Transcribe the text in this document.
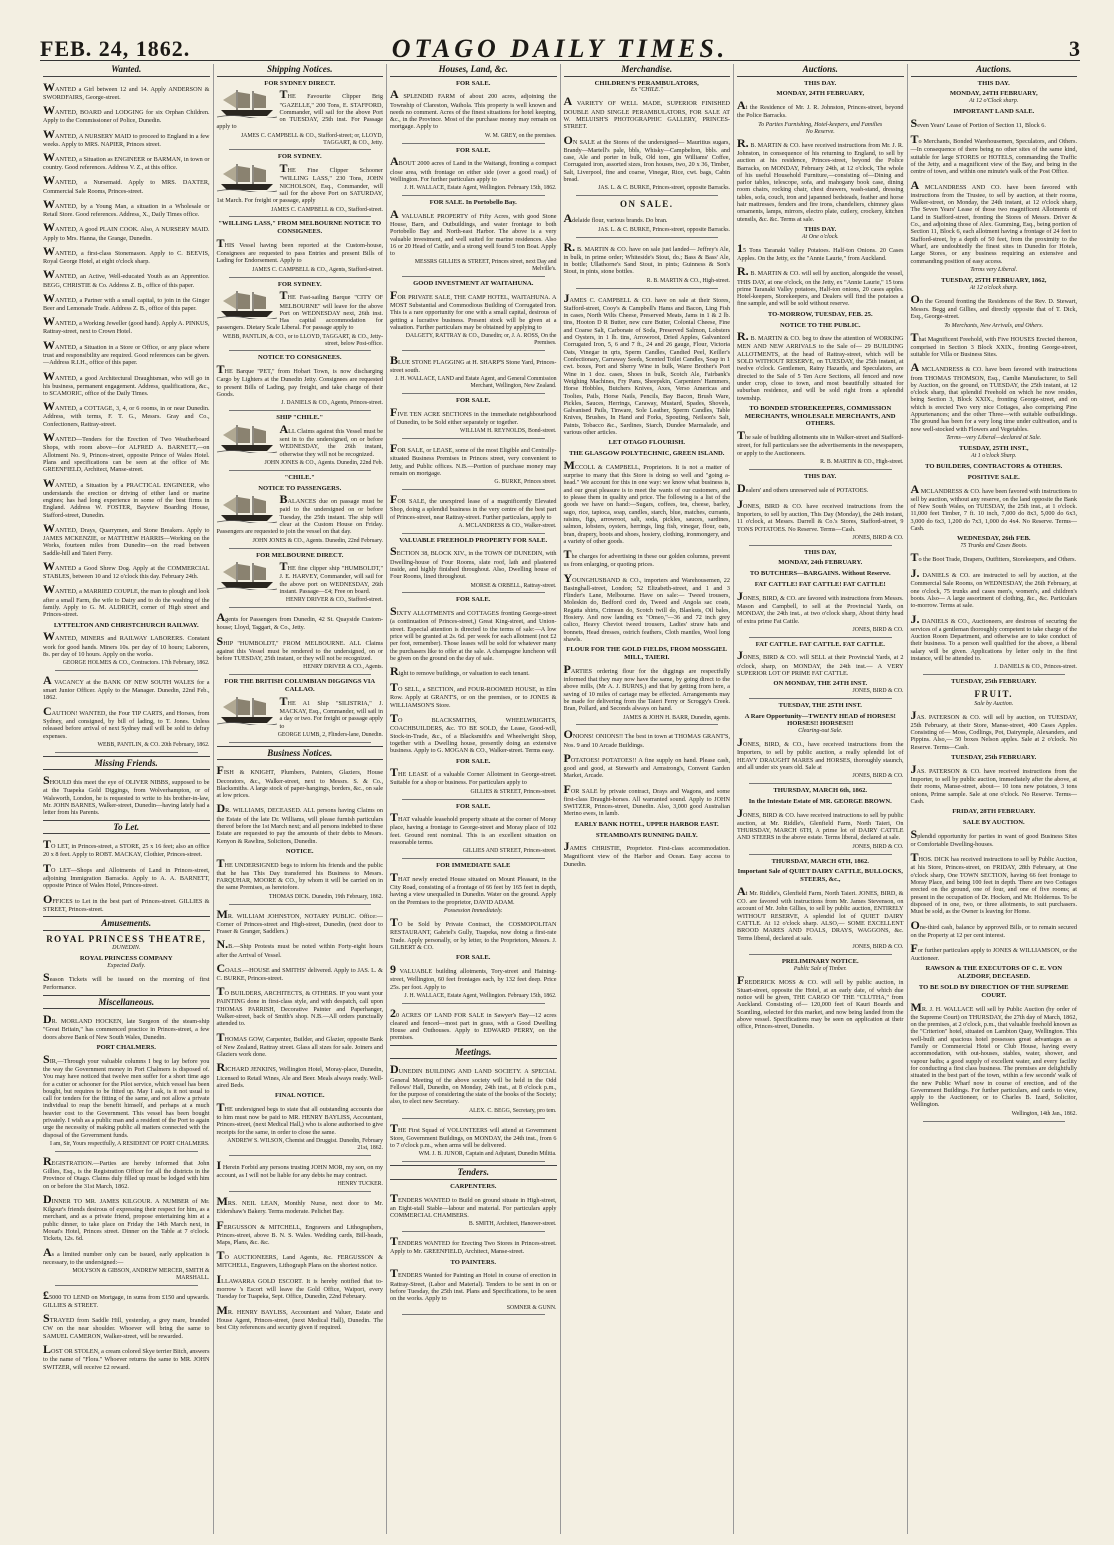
FEB. 24, 1862.	OTAGO DAILY TIMES.	3
Wanted.
WANTED a Girl between 12 and 14. Apply ANDERSON & SWORDFAIRS, George-street.
WANTED, BOARD and LODGING for six Orphan Children. Apply to the Commissioner of Police, Dunedin.
WANTED, A NURSERY MAID to proceed to England in a few weeks. Apply to MRS. NAPIER, Princes street.
WANTED, a Situation as ENGINEER or BARMAN, in town or country. Good references. Address V. Z., at this office.
WANTED, a Nursemaid. Apply to MRS. DAXTER, Commercial Sale Rooms, Princes-street.
WANTED, by a Young Man, a situation in a Wholesale or Retail Store. Good references. Address, X., Daily Times office.
WANTED, A good PLAIN COOK. Also, A NURSERY MAID. Apply to Mrs. Hanna, the Grange, Dunedin.
WANTED, a first-class Stonemason. Apply to C. BEEVIS, Royal George Hotel, at eight o'clock sharp.
WANTED, an Active, Well-educated Youth as an Apprentice. BEGG, CHRISTIE & Co. Address Z. B., office of this paper.
WANTED, a Partner with a small capital, to join in the Ginger Beer and Lemonade Trade. Address Z. B., office of this paper.
WANTED, a Working Jeweller (good hand). Apply A. PINKUS, Rattray-street, next to Crown Hotel.
WANTED, a Situation in a Store or Office, or any place where trust and responsibility are required. Good references can be given.—Address R.I.H., office of this paper.
WANTED, a good Architectural Draughtsman, who will go in his business, permanent engagement. Address, qualifications, &c., to SCAMORIC, office of the Daily Times.
WANTED, a COTTAGE, 3, 4, or 6 rooms, in or near Dunedin. Address, with terms, F. T. G., Messrs. Gray and Co., Confectioners, Rattray-street.
WANTED—Tenders for the Erection of Two Weatherboard Shops, with room above—for ALFRED A. BARNETT,—on Allotment No. 9, Princes-street, opposite Prince of Wales Hotel. Plans and specifications can be seen at the office of Mr. GREENFIELD, Architect, Manse-street.
WANTED, a Situation by a PRACTICAL ENGINEER, who understands the erection or driving of either land or marine engines; has had long experience in some of the best firms in England. Address W. FOSTER, Bayview Boarding House, Stafford-street, Dunedin.
WANTED, Drays, Quarrymen, and Stone Breakers. Apply to JAMES MCKENZIE, or MATTHEW HARRIS—Working on the Works, fourteen miles from Dunedin—on the road between Saddle-hill and Taieri Ferry.
WANTED a Good Shrew Dog. Apply at the COMMERCIAL STABLES, between 10 and 12 o'clock this day. February 24th.
WANTED, a MARRIED COUPLE, the man to plough and look after a small Farm, the wife to Dairy and to do the washing of the family. Apply to G. M. ALDRICH, corner of High street and Princes-street.
LYTTELTON AND CHRISTCHURCH RAILWAY.
WANTED, MINERS and RAILWAY LABORERS. Constant work for good hands. Miners 10s. per day of 10 hours; Laborers, 8s. per day of 10 hours. Apply on the works.
GEORGE HOLMES & CO., Contractors. 17th February, 1862.
A VACANCY at the BANK OF NEW SOUTH WALES for a smart Junior Officer. Apply to the Manager. Dunedin, 22nd Feb., 1862.
CAUTION! WANTED, the Four TIP CARTS, and Horses, from Sydney, and consigned, by bill of lading, to T. Jones. Unless released before arrival of next Sydney mail will be sold to defray expenses.
WEBB, PANTLIN, & CO. 20th February, 1862.
Missing Friends.
SHOULD this meet the eye of OLIVER NIBBS, supposed to be at the Tuapeka Gold Diggings, from Wolverhampton, or of Walsworth, London, he is requested to write to his brother-in-law, Mr. JOHN BARNES, Walker-street, Dunedin—having lately had a letter from his Parents.
To Let.
TO LET, in Princes-street, a STORE, 25 x 16 feet; also an office 20 x 8 feet. Apply to ROBT. MACKAY, Clothier, Princes-street.
TO LET—Shops and Allotments of Land in Princes-street, adjoining Immigration Barracks. Apply to A. A. BARNETT, opposite Prince of Wales Hotel, Princes-street.
OFFICES to Let in the best part of Princes-street. GILLIES & STREET, Princes-street.
Amusements.
ROYAL PRINCESS THEATRE,
DUNEDIN.
ROYAL PRINCESS COMPANY
Expected Daily.
Season Tickets will be issued on the morning of first Performance.
Miscellaneous.
DR. MORLAND HOCKEN, late Surgeon of the steam-ship "Great Britain," has commenced practice in Princes-street, a few doors above Bank of New South Wales, Dunedin.
PORT CHALMERS.
SIR,—Through your valuable columns I beg to lay before you the way the Government money in Port Chalmers is disposed of. You may have noticed that twelve men suffer for a short time ago for a cutter or schooner for the Pilot service, which vessel has been bought, but requires to be fitted up. May I ask, is it not usual to call for tenders for the fitting of the same, and not allow a private individual to reap the benefit himself, and perhaps at a much heavier cost to the Government. This vessel has been bought privately. I wish as a public man and a resident of the Port to again urge the necessity of making public all matters connected with the disposal of the Government funds.
I am, Sir, Yours respectfully, A RESIDENT OF PORT CHALMERS.
REGISTRATION.—Parties are hereby informed that John Gillies, Esq., is the Registration Officer for all the districts in the Province of Otago. Claims duly filled up must be lodged with him on or before the 31st March, 1862.
DINNER TO MR. JAMES KILGOUR. A NUMBER of Mr. Kilgour's friends desirous of expressing their respect for him, as a merchant, and as a private friend, propose entertaining him at a public dinner, to take place on Friday the 14th March next, in Mouat's Hotel, Princes street. Dinner on the Table at 7 o'clock. Tickets, 12s. 6d.
As a limited number only can be issued, early application is necessary, to the undersigned:—
MOLYSON & GIBSON, ANDREW MERCER, SMITH & MARSHALL.
£5000 TO LEND on Mortgage, in sums from £150 and upwards. GILLIES & STREET.
STRAYED from Saddle Hill, yesterday, a grey mare, branded CW on the near shoulder. Whoever will bring the same to SAMUEL CAMERON, Walker-street, will be rewarded.
LOST OR STOLEN, a cream colored Skye terrier Bitch, answers to the name of "Flora." Whoever returns the same to MR. JOHN SWITZER, will receive £2 reward.
Shipping Notices.
FOR SYDNEY DIRECT.
THE Favourite Clipper Brig "GAZELLE," 200 Tons, E. STAFFORD, Commander, will sail for the above Port on TUESDAY, 25th inst. For Passage apply to
JAMES C. CAMPBELL & CO., Stafford-street; or, LLOYD, TAGGART, & CO., Jetty.
FOR SYDNEY.
THE Fine Clipper Schooner "WILLING LASS," 230 Tons, JOHN NICHOLSON, Esq., Commander, will sail for the above Port on SATURDAY, 1st March. For freight or passage, apply
JAMES C. CAMPBELL & CO., Stafford-street.
"WILLING LASS," FROM MELBOURNE NOTICE TO CONSIGNEES.
THIS Vessel having been reported at the Custom-house, Consignees are requested to pass Entries and present Bills of Lading for Endorsement. Apply to
JAMES C. CAMPBELL & CO., Agents, Stafford-street.
FOR SYDNEY.
THE Fast-sailing Barque "CITY OF MELBOURNE" will leave for the above Port on WEDNESDAY next, 26th inst. Has capital accommodation for passengers. Dietary Scale Liberal. For passage apply to
WEBB, PANTLIN, & CO., or to LLOYD, TAGGART, & CO., Jetty-street, below Post-office.
NOTICE TO CONSIGNEES.
THE Barque "PET," from Hobart Town, is now discharging Cargo by Lighters at the Dunedin Jetty. Consignees are requested to present Bills of Lading, pay freight, and take charge of their Goods.
J. DANIELS & CO., Agents, Princes-street.
SHIP "CHILE."
ALL Claims against this Vessel must be sent in to the undersigned, on or before WEDNESDAY, the 26th instant, otherwise they will not be recognized.
JOHN JONES & CO., Agents. Dunedin, 22nd Feb.
"CHILE."
NOTICE TO PASSENGERS.
BALANCES due on passage must be paid to the undersigned on or before Tuesday, the 25th instant. The ship will clear at the Custom House on Friday. Passengers are requested to join the vessel on that day.
JOHN JONES & CO., Agents. Dunedin, 22nd February.
FOR MELBOURNE DIRECT.
THE fine clipper ship "HUMBOLDT," J. E. HARVEY, Commander, will sail for the above port on WEDNESDAY, 26th instant. Passage—£4; Free on board.
HENRY DRIVER & CO., Stafford-street.
Agents for Passengers from Dunedin, 42 St. Quayside Custom-house; Lloyd, Taggart, & Co., Jetty.
SHIP "HUMBOLDT," FROM MELBOURNE. ALL Claims against this Vessel must be rendered to the undersigned, on or before TUESDAY, 25th instant, or they will not be recognized.
HENRY DRIVER & CO., Agents.
FOR THE BRITISH COLUMBIAN DIGGINGS VIA CALLAO.
THE A1 Ship "SILISTRIA," J. MACKAY, Esq., Commander, will sail in a day or two. For freight or passage apply to
GEORGE LUMB, 2, Flinders-lane, Dunedin.
Business Notices.
FISH & KNIGHT, Plumbers, Painters, Glaziers, House Decorators, &c., Walker-street, next to Messrs. S. & Co., Blacksmiths. A large stock of paper-hangings, borders, &c., on sale at low prices.
DR. WILLIAMS, DECEASED. ALL persons having Claims on the Estate of the late Dr. Williams, will please furnish particulars thereof before the 1st March next; and all persons indebted to these Estate are requested to pay the amounts of their debts to Messrs. Kenyon & Rawlins, Solicitors, Dunedin.
NOTICE.
THE UNDERSIGNED begs to inform his friends and the public that he has This Day transferred his Business to Messrs. FARQUHAR, MOORE & CO., by whom it will be carried on in the same Premises, as heretofore.
THOMAS DICK. Dunedin, 19th February, 1862.
MR. WILLIAM JOHNSTON, NOTARY PUBLIC. Office:—Corner of Princes-street and High-street, Dunedin, (next door to Fraser & Granger, Saddlers.)
N.B.—Ship Protests must be noted within Forty-eight hours after the Arrival of Vessel.
COALS.—HOUSE and SMITHS' delivered. Apply to JAS. L. & C. BURKE, Princes-street.
TO BUILDERS, ARCHITECTS, & OTHERS. IF you want your PAINTING done in first-class style, and with despatch, call upon THOMAS PARRISH, Decorative Painter and Paperhanger, Walker-street, back of Smith's shop. N.B.—All orders punctually attended to.
THOMAS GOW, Carpenter, Builder, and Glazier, opposite Bank of New Zealand, Rattray street. Glass all sizes for sale. Joiners and Glaziers work done.
RICHARD JENKINS, Wellington Hotel, Moray-place, Dunedin, Licensed to Retail Wines, Ale and Beer. Meals always ready. Well-aired Beds.
FINAL NOTICE.
THE undersigned begs to state that all outstanding accounts due to him must now be paid to MR. HENRY BAYLISS, Accountant, Princes-street, (next Medical Hall,) who is alone authorised to give receipts for the same, in order to close the same.
ANDREW S. WILSON, Chemist and Druggist. Dunedin, February 21st, 1862.
I Herein Forbid any persons trusting JOHN MOR, my son, on my account, as I will not be liable for any debts he may contract.
HENRY TUCKER.
MRS. NEIL LEAN, Monthly Nurse, next door to Mr. Eldershaw's Bakery. Terms moderate. Pelichet Bay.
FERGUSSON & MITCHELL, Engravers and Lithographers, Princes-street, above B. N. S. Wales. Wedding cards, Bill-heads, Maps, Plans, &c. &c.
TO AUCTIONEERS, Land Agents, &c. FERGUSSON & MITCHELL, Engravers, Lithograph Plans on the shortest notice.
ILLAWARRA GOLD ESCORT. It is hereby notified that to-morrow 's Escort will leave the Gold Office, Waipori, every Tuesday for Tuapeka, Sept. Office, Dunedin, 22nd February.
MR. HENRY BAYLISS, Accountant and Valuer, Estate and House Agent, Princes-street, (next Medical Hall), Dunedin. The best City references and security given if required.
Houses, Land, &c.
FOR SALE.
A SPLENDID FARM of about 200 acres, adjoining the Township of Clareston, Waihola. This property is well known and needs no comment. Acres of the finest situations for hotel keeping, &c., in the Province. Most of the purchase money may remain on mortgage. Apply to
W. M. GREY, on the premises.
FOR SALE.
ABOUT 2000 acres of Land in the Waitangi, fronting a compact close area, with frontage on either side (over a good road,) of Wellington. For further particulars apply to
J. H. WALLACE, Estate Agent, Wellington. February 15th, 1862.
FOR SALE. In Portobello Bay.
A VALUABLE PROPERTY of Fifty Acres, with good Stone House, Barn, and Outbuildings, and water frontage to both Portobello Bay and North-east Harbor. The above is a very valuable investment, and well suited for marine residences. Also 16 or 20 Head of Cattle, and a strong well found 5 ton Boat. Apply to
MESSRS GILLIES & STREET, Princes street, next Day and Melville's.
GOOD INVESTMENT AT WAITAHUNA.
FOR PRIVATE SALE, THE CAMP HOTEL, WAITAHUNA. A MOST Substantial and Commodious Building of Corrugated Iron. This is a rare opportunity for one with a small capital, desirous of getting a lucrative business. Present stock will be given at a valuation. Further particulars may be obtained by applying to
DALGETY, RATTRAY & CO., Dunedin; or, J. A. ROSS, On the Premises.
BLUE STONE FLAGGING at H. SHARP'S Stone Yard, Princes-street south.
J. H. WALLACE, LAND and Estate Agent, and General Commission Merchant, Wellington, New Zealand.
FOR SALE.
FIVE TEN ACRE SECTIONS in the immediate neighbourhood of Dunedin, to be Sold either separately or together.
WILLIAM H. REYNOLDS, Bond-street.
FOR SALE, or LEASE, some of the most Eligible and Centrally-situated Business Premises in Princes street, very convenient to Jetty, and Public offices. N.B.—Portion of purchase money may remain on mortgage.
G. BURKE, Princes street.
FOR SALE, the unexpired lease of a magnificently Elevated Shop, doing a splendid business in the very centre of the best part of Princes-street, near Rattray-street. Further particulars, apply to
A. MCLANDRESS & CO., Walker-street.
VALUABLE FREEHOLD PROPERTY FOR SALE.
SECTION 38, BLOCK XIV., in the TOWN OF DUNEDIN, with Dwelling-house of Four Rooms, slate roof, lath and plastered inside, and highly finished throughout. Also, Dwelling house of Four Rooms, lined throughout.
MORSE & ORBELL, Rattray-street.
FOR SALE.
SIXTY ALLOTMENTS and COTTAGES fronting George-street (a continuation of Princes-street,) Great King-street, and Union-street. Especial attention is directed to the terms of sale:—A low price will be granted at 2s. 6d. per week for each allotment (not £2 per foot, remember). Those leases will be sold for whatever many the purchasers like to offer at the sale. A champagne luncheon will be given on the ground on the day of sale.
Right to remove buildings, or valuation to each tenant.
TO SELL, a SECTION, and FOUR-ROOMED HOUSE, in Elm Row. Apply at GRANT'S, or on the premises, or to JONES & WILLIAMSON'S Store.
TO BLACKSMITHS, WHEELWRIGHTS, COACHBUILDERS, &c. TO BE SOLD, the Lease, Good-will, Stock-in-Trade, &c., of a Blacksmith's and Wheelwright Shop, together with a Dwelling house, presently doing an extensive business. Apply to G. MOGAN & CO., Walker-street. Terms easy.
FOR SALE.
THE LEASE of a valuable Corner Allotment in George-street. Suitable for a shop or business. For particulars apply to
GILLIES & STREET, Princes-street.
FOR SALE.
THAT valuable leasehold property situate at the corner of Moray place, having a frontage to George-street and Moray place of 102 feet. Ground rent nominal. This is an excellent situation on reasonable terms.
GILLIES AND STREET, Princes-street.
FOR IMMEDIATE SALE
THAT newly erected House situated on Mount Pleasant, in the City Road, consisting of a frontage of 66 feet by 165 feet in depth, having a view unequalled in Dunedin. Water on the ground. Apply on the Premises to the proprietor, DAVID ADAM.
Possession Immediately.
TO be Sold by Private Contract, the COSMOPOLITAN RESTAURANT, Gabriel's Gully, Tuapeka, now doing a first-rate Trade. Apply personally, or by letter, to the Proprietors, Messrs. J. GILBERT & CO.
FOR SALE.
9 VALUABLE building allotments, Tory-street and Haining-street, Wellington, 60 feet frontages each, by 132 feet deep. Price 25s. per foot. Apply to
J. H. WALLACE, Estate Agent, Wellington. February 15th, 1862.
20 ACRES OF LAND FOR SALE in Sawyer's Bay—12 acres cleared and fenced—most part in grass, with a Good Dwelling House and Outhouses. Apply to EDWARD PERRY, on the premises.
Meetings.
DUNEDIN BUILDING AND LAND SOCIETY. A SPECIAL General Meeting of the above society will be held in the Odd Fellows' Hall, Dunedin, on Monday, 24th inst., at 8 o'clock p.m., for the purpose of considering the state of the books of the Society; also, to elect new Secretary.
ALEX. C. BEGG, Secretary, pro tem.
THE First Squad of VOLUNTEERS will attend at Government Store, Government Buildings, on MONDAY, the 24th inst., from 6 to 7 o'clock p.m., when arms will be delivered.
WM. J. B. JUNOR, Captain and Adjutant, Dunedin Militia.
Tenders.
CARPENTERS.
TENDERS WANTED to Build on ground situate in High-street, an Eight-stall Stable—labour and material. For particulars apply COMMERCIAL CHAMBERS.
B. SMITH, Architect, Hanover-street.
TENDERS WANTED for Erecting Two Stores in Princes-street. Apply to Mr. GREENFIELD, Architect, Manse-street.
TO PAINTERS.
TENDERS Wanted for Painting an Hotel in course of erection in Rattray-Street, (Labor and Material). Tenders to be sent in on or before Tuesday, the 25th inst. Plans and Specifications, to be seen on the works. Apply to
SOMNER & GUNN.
Merchandise.
CHILDREN'S PERAMBULATORS,
Ex "CHILE."
A VARIETY OF WELL MADE, SUPERIOR FINISHED DOUBLE AND SINGLE PERAMBULATORS, FOR SALE AT W. MELUISH'S PHOTOGRAPHIC GALLERY, PRINCES-STREET.
ON SALE at the Stores of the undersigned— Mauritius sugars, Brandy—Martell's pale, bbls, Whisky—Campbelton, bbls. and case, Ale and porter in bulk, Old tom, gin Williams' Coffee, Corrugated iron, assorted sizes, Iron houses, two, 20 x 36, Timber, Salt, Liverpool, fine and coarse, Vinegar, Rice, cwt. bags, Cabin bread.
JAS. L. & C. BURKE, Princes-street, opposite Barracks.
ON SALE.
Adelaide flour, various brands. Do bran.
JAS. L. & C. BURKE, Princes-street, opposite Barracks.
R. B. MARTIN & CO. have on sale just landed— Jeffrey's Ale, in bulk, in prime order; Whiteside's Stout, do.; Bass & Bass' Ale, in bottle; Ullathorne's Sand Stout, in pints; Guinness & Son's Stout, in pints, stone bottles.
R. B. MARTIN & CO., High-street.
JAMES C. CAMPBELL & CO. have on sale at their Stores, Stafford-street, Cooy's & Campbell's Hams and Bacon, Ling Fish in cases, North Wilts Cheese, Preserved Meats, Jams in 1 & 2 lb. tins, Hooton D R Butter, new cure Butter, Colonial Cheese, Fine and Coarse Salt, Carbonate of Soda, Preserved Salmon, Lobsters and Oysters, in 1 lb. tins, Arrowroot, Dried Apples, Galvanized Corrugated Iron, 5, 6 and 7 ft., 24 and 26 gauge, Flour, Victoria Oats, Vinegar in qrts, Sperm Candles, Candied Peel, Keiller's Confectionary, Carraway Seeds, Scented Toilet Candles, Soap in 1 cwt. boxes, Port and Sherry Wine in bulk, Warre Brother's Port Wine in 1 doz. cases, Shoes in bulk, Scotch Ale, Fairbank's Weighing Machines, Fry Pans, Sheepskin, Carpenters' Hammers, Horse Hobbles, Butchers Knives, Axes, Verso Americas and Toolies, Pails, Horse Nails, Pencils, Bay Bacon, Brush Ware, Pickles, Sauces, Herrings, Caraway, Mustard, Spades, Shovels, Galvanised Pails, Tinware, Sole Leather, Sperm Candles, Table Knives, Brushes, In Hand and Forks, Spouting, Neilson's Salt, Paints, Tobacco &c., Sardines, Starch, Dundee Marmalade, and various other articles.
LET OTAGO FLOURISH.
THE GLASGOW POLYTECHNIC, GREEN ISLAND.
MCCOLL & CAMPBELL, Proprietors. It is not a matter of surprise to many that this Store is doing so well and "going a-head." We account for this in one way: we know what business is, and our great pleasure is to meet the wants of our customers, and to please them in quality and price. The following is a list of the goods we have on hand:—Sugars, coffees, tea, cheese, barley, sago, rice, tapioca, soap, candles, starch, blue, matches, currants, raisins, figs, arrowroot, salt, soda, pickles, sauces, sardines, salmon, lobsters, oysters, herrings, ling fish, vinegar, flour, oats, bran, drapery, boots and shoes, hosiery, clothing, ironmongery, and a variety of other goods.
The charges for advertising in these our golden columns, prevent us from enlarging, or quoting prices.
YOUNGHUSBAND & CO., importers and Warehousemen, 22 Basinghall-street, London; 52 Elizabeth-street, and 1 and 3 Flinder's Lane, Melbourne. Have on sale:— Tweed trousers, Moleskin do, Bedford cord do, Tweed and Angola sac coats, Regatta shirts, Crimean do, Scotch twill do, Blankets, Oil bales, Hosiery. And now landing ex "Omeo,"—36 and 72 inch grey calico, Heavy Cheviot tweed trousers, Ladies' straw hats and bonnets, Head dresses, ostrich feathers, Cloth mantles, Wool long shawls.
FLOUR FOR THE GOLD FIELDS, FROM MOSSGIEL MILL, TAIERI.
PARTIES ordering flour for the diggings are respectfully informed that they may now have the same, by going direct to the above mills, (Mr A. J. BURNS,) and that by getting from here, a saving of 10 miles of cartage may be effected. Arrangements may be made for delivering from the Taieri Ferry or Scroggy's Creek. Bran, Pollard, and Seconds always on hand.
JAMES & JOHN H. BARR, Dunedin, agents.
ONIONS! ONIONS!! The best in town at THOMAS GRANT'S, Nos. 9 and 10 Arcade Buildings.
POTATOES! POTATOES!! A fine supply on hand. Please cash, good and good, at Stewart's and Armstrong's, Convent Garden Market, Arcade.
FOR SALE by private contract, Drays and Wagons, and some first-class Draught-horses. All warranted sound. Apply to JOHN SWITZER, Princes-street, Dunedin. Also, 3,000 good Australian Merino ewes, in lamb.
EARLY BANK HOTEL, UPPER HARBOR EAST.
STEAMBOATS RUNNING DAILY.
JAMES CHRISTIE, Proprietor. First-class accommodation. Magnificent view of the Harbor and Ocean. Easy access to Dunedin.
Auctions.
THIS DAY.
MONDAY, 24TH FEBRUARY,
At the Residence of Mr. J. R. Johnston, Princes-street, beyond the Police Barracks.
To Parties Furnishing, Hotel-keepers, and Families
No Reserve.
R. B. MARTIN & CO. have received instructions from Mr. J. R. Johnston, in consequence of his returning to England, to sell by auction at his residence, Princes-street, beyond the Police Barracks, on MONDAY, February 24th, at 12 o'clock, The whole of his useful Household Furniture,—consisting of—Dining and parlor tables, telescope, sofa, and mahogany book case, dining room chairs, rocking chair, chest drawers, wash-stand, dressing tables, sofa, couch, iron and japanned bedsteads, feather and horse hair mattresses, fenders and fire irons, chandeliers, chimney glass ornaments, lamps, mirrors, electro plate, cutlery, crockery, kitchen utensils, &c. &c. Terms at sale.
THIS DAY.
At One o'clock.
15 Tons Taranaki Valley Potatoes. Half-ton Onions. 20 Cases Apples. On the Jetty, ex the "Annie Laurie," from Auckland.
R. B. MARTIN & CO. will sell by auction, alongside the vessel, THIS DAY, at one o'clock, on the Jetty, ex "Annie Laurie," 15 tons prime Taranaki Valley potatoes, Half-ton onions, 20 cases apples. Hotel-keepers, Storekeepers, and Dealers will find the potatoes a fine sample, and will be sold without reserve.
TO-MORROW, TUESDAY, FEB. 25.
NOTICE TO THE PUBLIC.
R. B. MARTIN & CO. beg to draw the attention of WORKING MEN AND NEW ARRIVALS to the Sale of— 29 BUILDING ALLOTMENTS, at the head of Rattray-street, which will be SOLD WITHOUT RESERVE, on TUESDAY, the 25th instant, at twelve o'clock. Gentlemen, Rainy Hazards, and Speculators, are directed to the Sale of 5 Ten Acre Sections, all fenced and now under crop, close to town, and most beautifully situated for suburban residence, and will be sold right from a splendid township.
TO BONDED STOREKEEPERS, COMMISSION MERCHANTS, WHOLESALE MERCHANTS, AND OTHERS.
The sale of building allotments site in Walker-street and Stafford-street, for full particulars see the advertisements in the newspapers, or apply to the Auctioneers.
R. B. MARTIN & CO., High-street.
THIS DAY.
Dealers' and others unreserved sale of POTATOES.
JONES, BIRD & CO. have received instructions from the Importers, to sell by auction, This Day (Monday), the 24th instant, 11 o'clock, at Messrs. Darrell & Co.'s Stores, Stafford-street, 9 TONS POTATOES. No Reserve. Terms—Cash.
JONES, BIRD & CO.
THIS DAY,
MONDAY, 24th FEBRUARY.
TO BUTCHERS—BARGAINS. Without Reserve.
FAT CATTLE! FAT CATTLE! FAT CATTLE!
JONES, BIRD, & CO. are favored with instructions from Messrs. Mason and Campbell, to sell at the Provincial Yards, on MONDAY, the 24th inst., at two o'clock sharp, About thirty head of extra prime Fat Cattle.
JONES, BIRD & CO.
FAT CATTLE. FAT CATTLE. FAT CATTLE.
JONES, BIRD & CO. will SELL at their Provincial Yards, at 2 o'clock, sharp, on MONDAY, the 24th inst.— A VERY SUPERIOR LOT OF PRIME FAT CATTLE.
ON MONDAY, THE 24TH INST.
JONES, BIRD & CO.
TUESDAY, THE 25TH INST.
A Rare Opportunity—TWENTY HEAD of HORSES! HORSES!! HORSES!!!
Clearing-out Sale.
JONES, BIRD, & CO., have received instructions from the Importers, to sell by public auction, a really splendid lot of HEAVY DRAUGHT MARES and HORSES, thoroughly staunch, and all under six years old. Sale at
JONES, BIRD & CO.
THURSDAY, MARCH 6th, 1862.
In the Intestate Estate of MR. GEORGE BROWN.
JONES, BIRD & CO. have received instructions to sell by public auction, at Mr. Riddle's, Glenfield Farm, North Taieri, On THURSDAY, MARCH 6TH, A prime lot of DAIRY CATTLE AND STEERS in the above estate. Terms liberal, declared at sale.
JONES, BIRD & CO.
THURSDAY, MARCH 6TH, 1862.
Important Sale of QUIET DAIRY CATTLE, BULLOCKS, STEERS, &c.,
At Mr. Riddle's, Glenfield Farm, North Taieri. JONES, BIRD, & CO. are favored with instructions from Mr. James Stevenson, on account of Mr. John Gillies, to sell by public auction, ENTIRELY WITHOUT RESERVE, A splendid lot of QUIET DAIRY CATTLE. At 12 o'clock sharp. ALSO,— SOME EXCELLENT BROOD MARES AND FOALS, DRAYS, WAGGONS, &c. Terms liberal, declared at sale.
JONES, BIRD & CO.
PRELIMINARY NOTICE.
Public Sale of Timber.
FREDERICK MOSS & CO. will sell by public auction, in Stuart-street, opposite the Hotel, at an early date, of which due notice will be given, THE CARGO OF THE "CLUTHA," from Auckland. Consisting of— 120,000 feet of Kauri Boards and Scantling, selected for this market, and now being landed from the above vessel. Specifications may be seen on application at their office, Princes-street, Dunedin.
Auctions.
THIS DAY.
MONDAY, 24TH FEBRUARY,
At 12 o'Clock sharp.
IMPORTANT LAND SALE.
Seven Years' Lease of Portion of Section 11, Block 6.
To Merchants, Bonded Warehousemen, Speculators, and Others.—In consequence of there being no other sites of the same kind, suitable for large STORES or HOTELS, commanding the Traffic of the Jetty, and a magnificent view of the Bay, and being in the centre of town, and within one minute's walk of the Post Office.
A MCLANDRESS AND CO. have been favored with instructions from the Trustee, to sell by auction, at their rooms, Walker-street, on Monday, the 24th instant, at 12 o'clock sharp, The Seven Years' Lease of those two magnificent Allotments of Land in Stafford-street, fronting the Stores of Messrs. Driver & Co., and adjoining those of Alex. Gumming, Esq., being portion of Section 11, Block 6, each allotment having a frontage of 24 feet to Stafford-street, by a depth of 50 feet, from the proximity to the Wharf, are undoubtedly the finest sites in Dunedin for Hotels, Large Stores, or any business requiring an extensive and commanding position of easy access.
Terms very Liberal.
TUESDAY, 25TH FEBRUARY, 1862,
At 12 o'clock sharp.
On the Ground fronting the Residences of the Rev. D. Stewart, Messrs. Begg and Gillies, and directly opposite that of T. Dick, Esq., George-street.
To Merchants, New Arrivals, and Others.
That Magnificent Freehold, with Five HOUSES Erected thereon, comprised in Section 3 Block XXIX., fronting George-street, suitable for Villa or Business Sites.
A MCLANDRESS & CO. have been favored with instructions from THOMAS THOMSON, Esq., Camlie Manufacturer, to Sell by Auction, on the ground, on TUESDAY, the 25th instant, at 12 o'clock sharp, that splendid Freehold on which he now resides, being Section 3, Block XXIX., fronting George-street, and on which is erected Two very nice Cottages, also comprising Pine Appurtenances; and the other Three—with suitable outbuildings. The ground has been for a very long time under cultivation, and is now well-stocked with Flowers and Vegetables.
Terms—very Liberal—declared at Sale.
TUESDAY, 25TH INST.,
At 1 o'clock Sharp.
TO BUILDERS, CONTRACTORS & OTHERS.
POSITIVE SALE.
A MCLANDRESS & CO. have been favored with instructions to sell by auction, without any reserve, on the land opposite the Bank of New South Wales, on TUESDAY, the 25th inst., at 1 o'clock. 11,000 feet Timber, 7 ft. 10 inch, 7,000 do 8x3, 5,000 do 6x3, 3,000 do 6x3, 1,200 do 7x3, 1,000 do 4x4. No Reserve. Terms—Cash.
WEDNESDAY, 26th FEB.
75 Trunks and Cases Boots.
To the Boot Trade, Drapers, Outfitters, Storekeepers, and Others.
J. DANIELS & CO. are instructed to sell by auction, at the Commercial Sale Rooms, on WEDNESDAY, the 26th February, at one o'clock, 75 trunks and cases men's, women's, and children's boots. Also— A large assortment of clothing, &c., &c. Particulars to-morrow. Terms at sale.
J. DANIELS & CO., Auctioneers, are desirous of securing the services of a gentleman thoroughly competent to take charge of the Auction Room Department, and otherwise are to take conduct of their business. To a person well qualified for the above, a liberal salary will be given. Applications by letter only in the first instance, will be attended to.
J. DANIELS & CO., Princes-street.
TUESDAY, 25th FEBRUARY.
FRUIT.
Sale by Auction.
JAS. PATERSON & CO. will sell by auction, on TUESDAY, 25th February, at their Store, Manse-street, 400 Cases Apples. Consisting of— Moss, Codlings, Pot, Dairymple, Alexanders, and Pippins. Also,— 50 boxes Nelson apples. Sale at 2 o'clock. No Reserve. Terms—Cash.
TUESDAY, 25th FEBRUARY.
JAS. PATERSON & CO. have received instructions from the Importer, to sell by public auction, immediately after the above, at their rooms, Manse-street, about— 10 tons new potatoes, 3 tons onions, Prime sample. Sale at one o'clock. No Reserve. Terms—Cash.
FRIDAY, 28TH FEBRUARY.
SALE BY AUCTION.
Splendid opportunity for parties in want of good Business Sites or Comfortable Dwelling-houses.
THOS. DICK has received instructions to sell by Public Auction, at his Store, Princes-street, on FRIDAY, 28th February, at One o'clock sharp, One TOWN SECTION, having 66 feet frontage to Moray Place, and being 100 feet in depth. There are two Cottages erected on the ground, one of four, and one of five rooms; at present in the occupation of Dr. Hocken, and Mr. Holdernus. To be disposed of in one, two, or three allotments, to suit purchasers. Must be sold, as the Owner is leaving for Home.
One-third cash, balance by approved Bills, or to remain secured on the Property at 12 per cent interest.
For further particulars apply to JONES & WILLIAMSON, or the Auctioneer.
RAWSON & THE EXECUTORS OF C. E. VON ALZDORF, DECEASED.
TO BE SOLD BY DIRECTION OF THE SUPREME COURT.
MR. J. H. WALLACE will sell by Public Auction (by order of the Supreme Court) on THURSDAY, the 27th day of March, 1862, on the premises, at 2 o'clock, p.m., that valuable freehold known as the "Criterion" hotel, situated on Lambton Quay, Wellington. This well-built and spacious hotel possesses great advantages as a Family or Commercial Hotel or Club House, having every accommodation, with out-houses, stables, water, shower, and vapour baths; a good supply of excellent water, and every facility for conducting a first class business. The premises are delightfully situated in the best part of the town, within a few seconds' walk of the new Public Wharf now in course of erection, and of the Government Buildings. For further particulars, and cards to view, apply to the Auctioneer, or to Charles B. Izard, Solicitor, Wellington.
Wellington, 14th Jan., 1862.
